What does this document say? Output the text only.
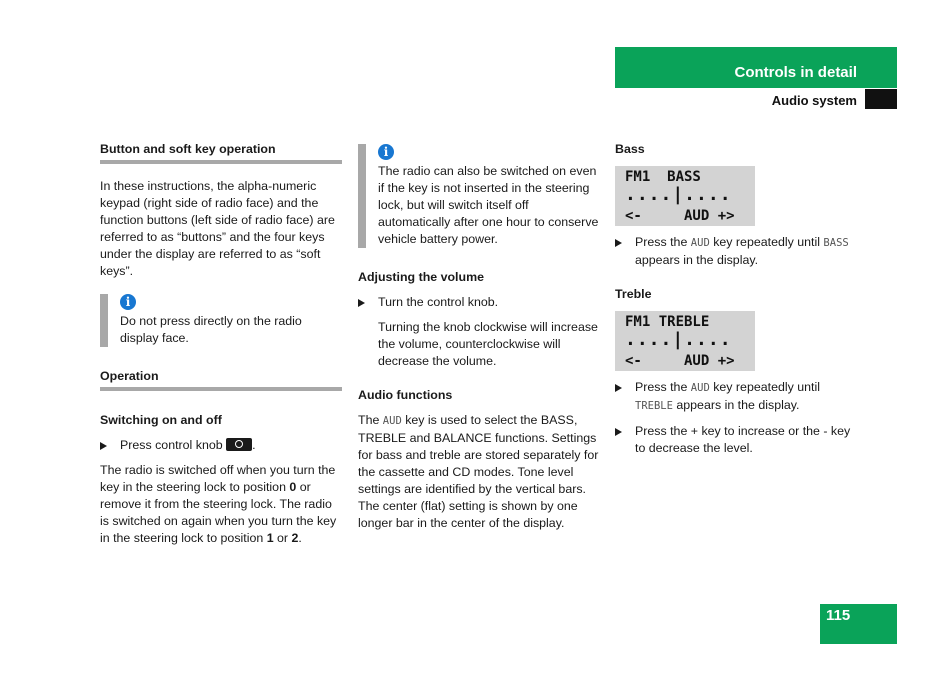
Controls in detail
Audio system

Button and soft key operation

In these instructions, the alpha-numeric keypad (right side of radio face) and the function buttons (left side of radio face) are referred to as “buttons” and the four keys under the display are referred to as “soft keys”.

i

Do not press directly on the radio display face.

Operation

Switching on and off

Press control knob .

The radio is switched off when you turn the key in the steering lock to position 0 or remove it from the steering lock. The radio is switched on again when you turn the key in the steering lock to position 1 or 2.

i

The radio can also be switched on even if the key is not inserted in the steering lock, but will switch itself off automatically after one hour to conserve vehicle battery power.

Adjusting the volume

Turn the control knob.

Turning the knob clockwise will increase the volume, counterclockwise will decrease the volume.

Audio functions

The AUD key is used to select the BASS, TREBLE and BALANCE functions. Settings for bass and treble are stored separately for the cassette and CD modes. Tone level settings are identified by the vertical bars. The center (flat) setting is shown by one longer bar in the center of the display.

Bass

FM1  BASS
....|....
<-     AUD +>
Press the AUD key repeatedly until BASS appears in the display.

Treble

FM1 TREBLE
....|....
<-     AUD +>
Press the AUD key repeatedly until TREBLE appears in the display.
Press the + key to increase or the - key to decrease the level.
115
